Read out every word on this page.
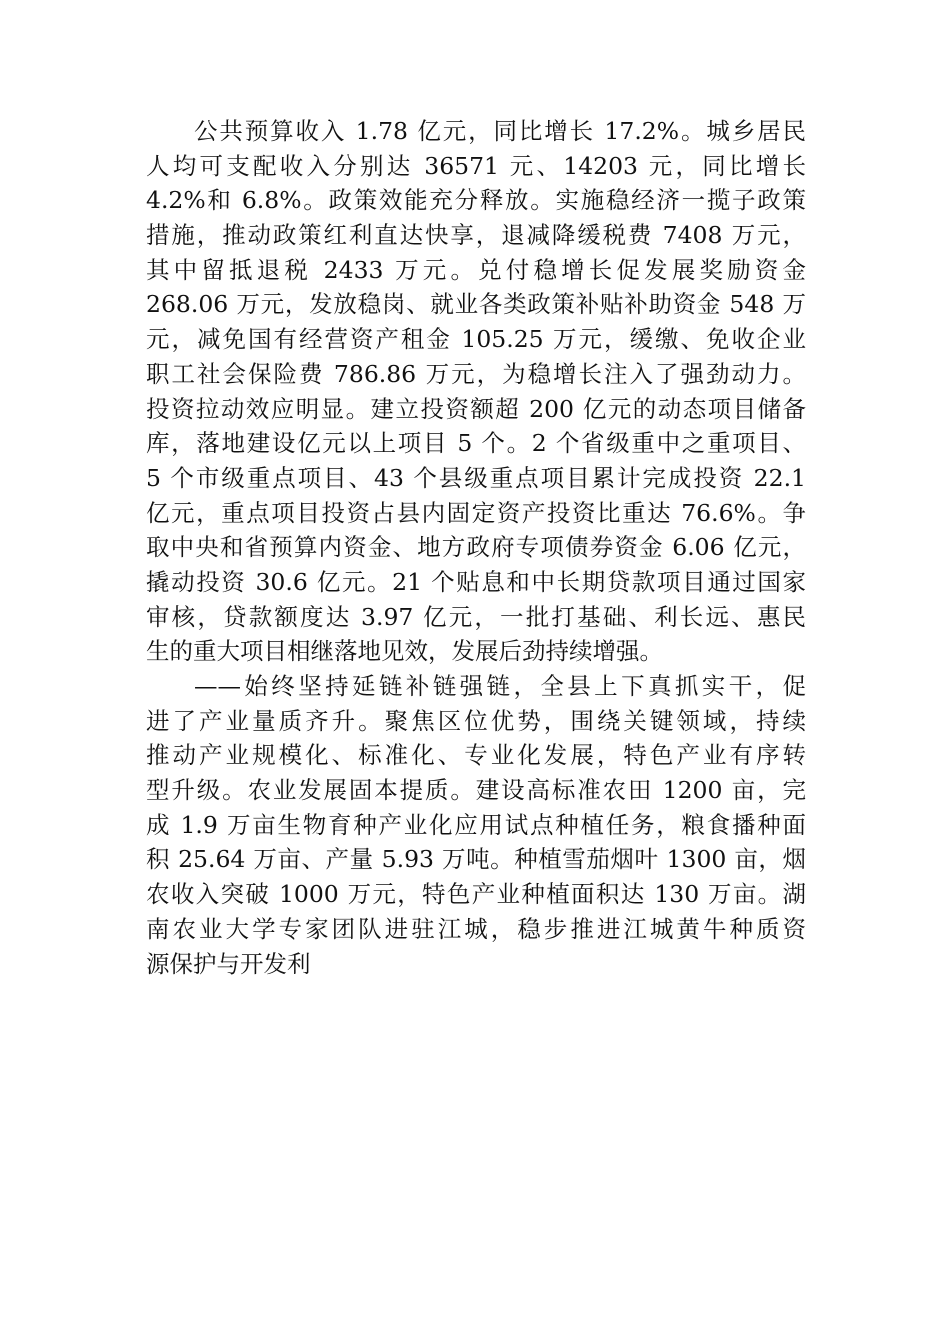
公共预算收入 1.78 亿元，同比增长 17.2%。城乡居民
人均可支配收入分别达 36571 元、14203 元，同比增长
4.2%和 6.8%。政策效能充分释放。实施稳经济一揽子政策
措施，推动政策红利直达快享，退减降缓税费 7408 万元，
其中留抵退税 2433 万元。兑付稳增长促发展奖励资金
268.06 万元，发放稳岗、就业各类政策补贴补助资金 548 万
元，减免国有经营资产租金 105.25 万元，缓缴、免收企业
职工社会保险费 786.86 万元，为稳增长注入了强劲动力。
投资拉动效应明显。建立投资额超 200 亿元的动态项目储备
库，落地建设亿元以上项目 5 个。2 个省级重中之重项目、
5 个市级重点项目、43 个县级重点项目累计完成投资 22.1
亿元，重点项目投资占县内固定资产投资比重达 76.6%。争
取中央和省预算内资金、地方政府专项债券资金 6.06 亿元，
撬动投资 30.6 亿元。21 个贴息和中长期贷款项目通过国家
审核，贷款额度达 3.97 亿元，一批打基础、利长远、惠民
生的重大项目相继落地见效，发展后劲持续增强。
——始终坚持延链补链强链，全县上下真抓实干，促
进了产业量质齐升。聚焦区位优势，围绕关键领域，持续
推动产业规模化、标准化、专业化发展，特色产业有序转
型升级。农业发展固本提质。建设高标准农田 1200 亩，完
成 1.9 万亩生物育种产业化应用试点种植任务，粮食播种面
积 25.64 万亩、产量 5.93 万吨。种植雪茄烟叶 1300 亩，烟
农收入突破 1000 万元，特色产业种植面积达 130 万亩。湖
南农业大学专家团队进驻江城，稳步推进江城黄牛种质资
源保护与开发利
